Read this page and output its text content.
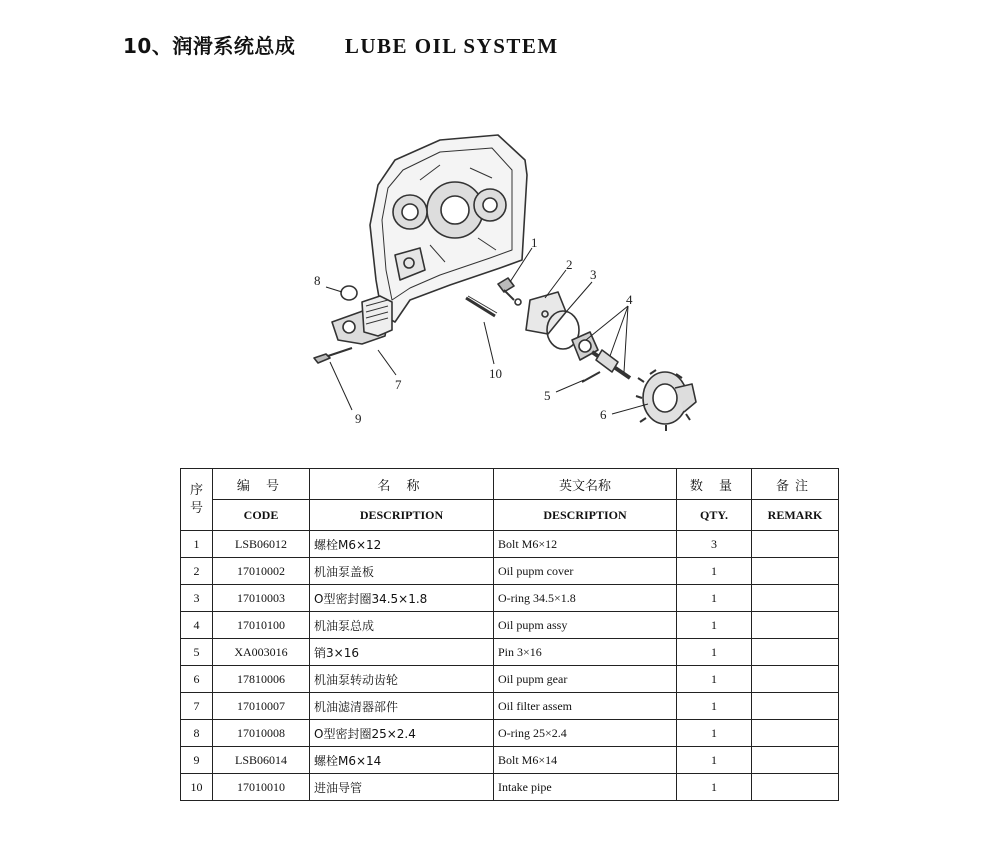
10、润滑系统总成 LUBE OIL SYSTEM
1
2
3
4
5
6
7
8
9
10
序号	编 号	名 称	英文名称	数 量	备注
	CODE	DESCRIPTION	DESCRIPTION	QTY.	REMARK
1	LSB06012	螺栓M6×12	Bolt M6×12	3	
2	17010002	机油泵盖板	Oil pupm cover	1	
3	17010003	O型密封圈34.5×1.8	O-ring 34.5×1.8	1	
4	17010100	机油泵总成	Oil pupm assy	1	
5	XA003016	销3×16	Pin 3×16	1	
6	17810006	机油泵转动齿轮	Oil pupm gear	1	
7	17010007	机油滤清器部件	Oil filter assem	1	
8	17010008	O型密封圈25×2.4	O-ring 25×2.4	1	
9	LSB06014	螺栓M6×14	Bolt M6×14	1	
10	17010010	进油导管	Intake pipe	1	
